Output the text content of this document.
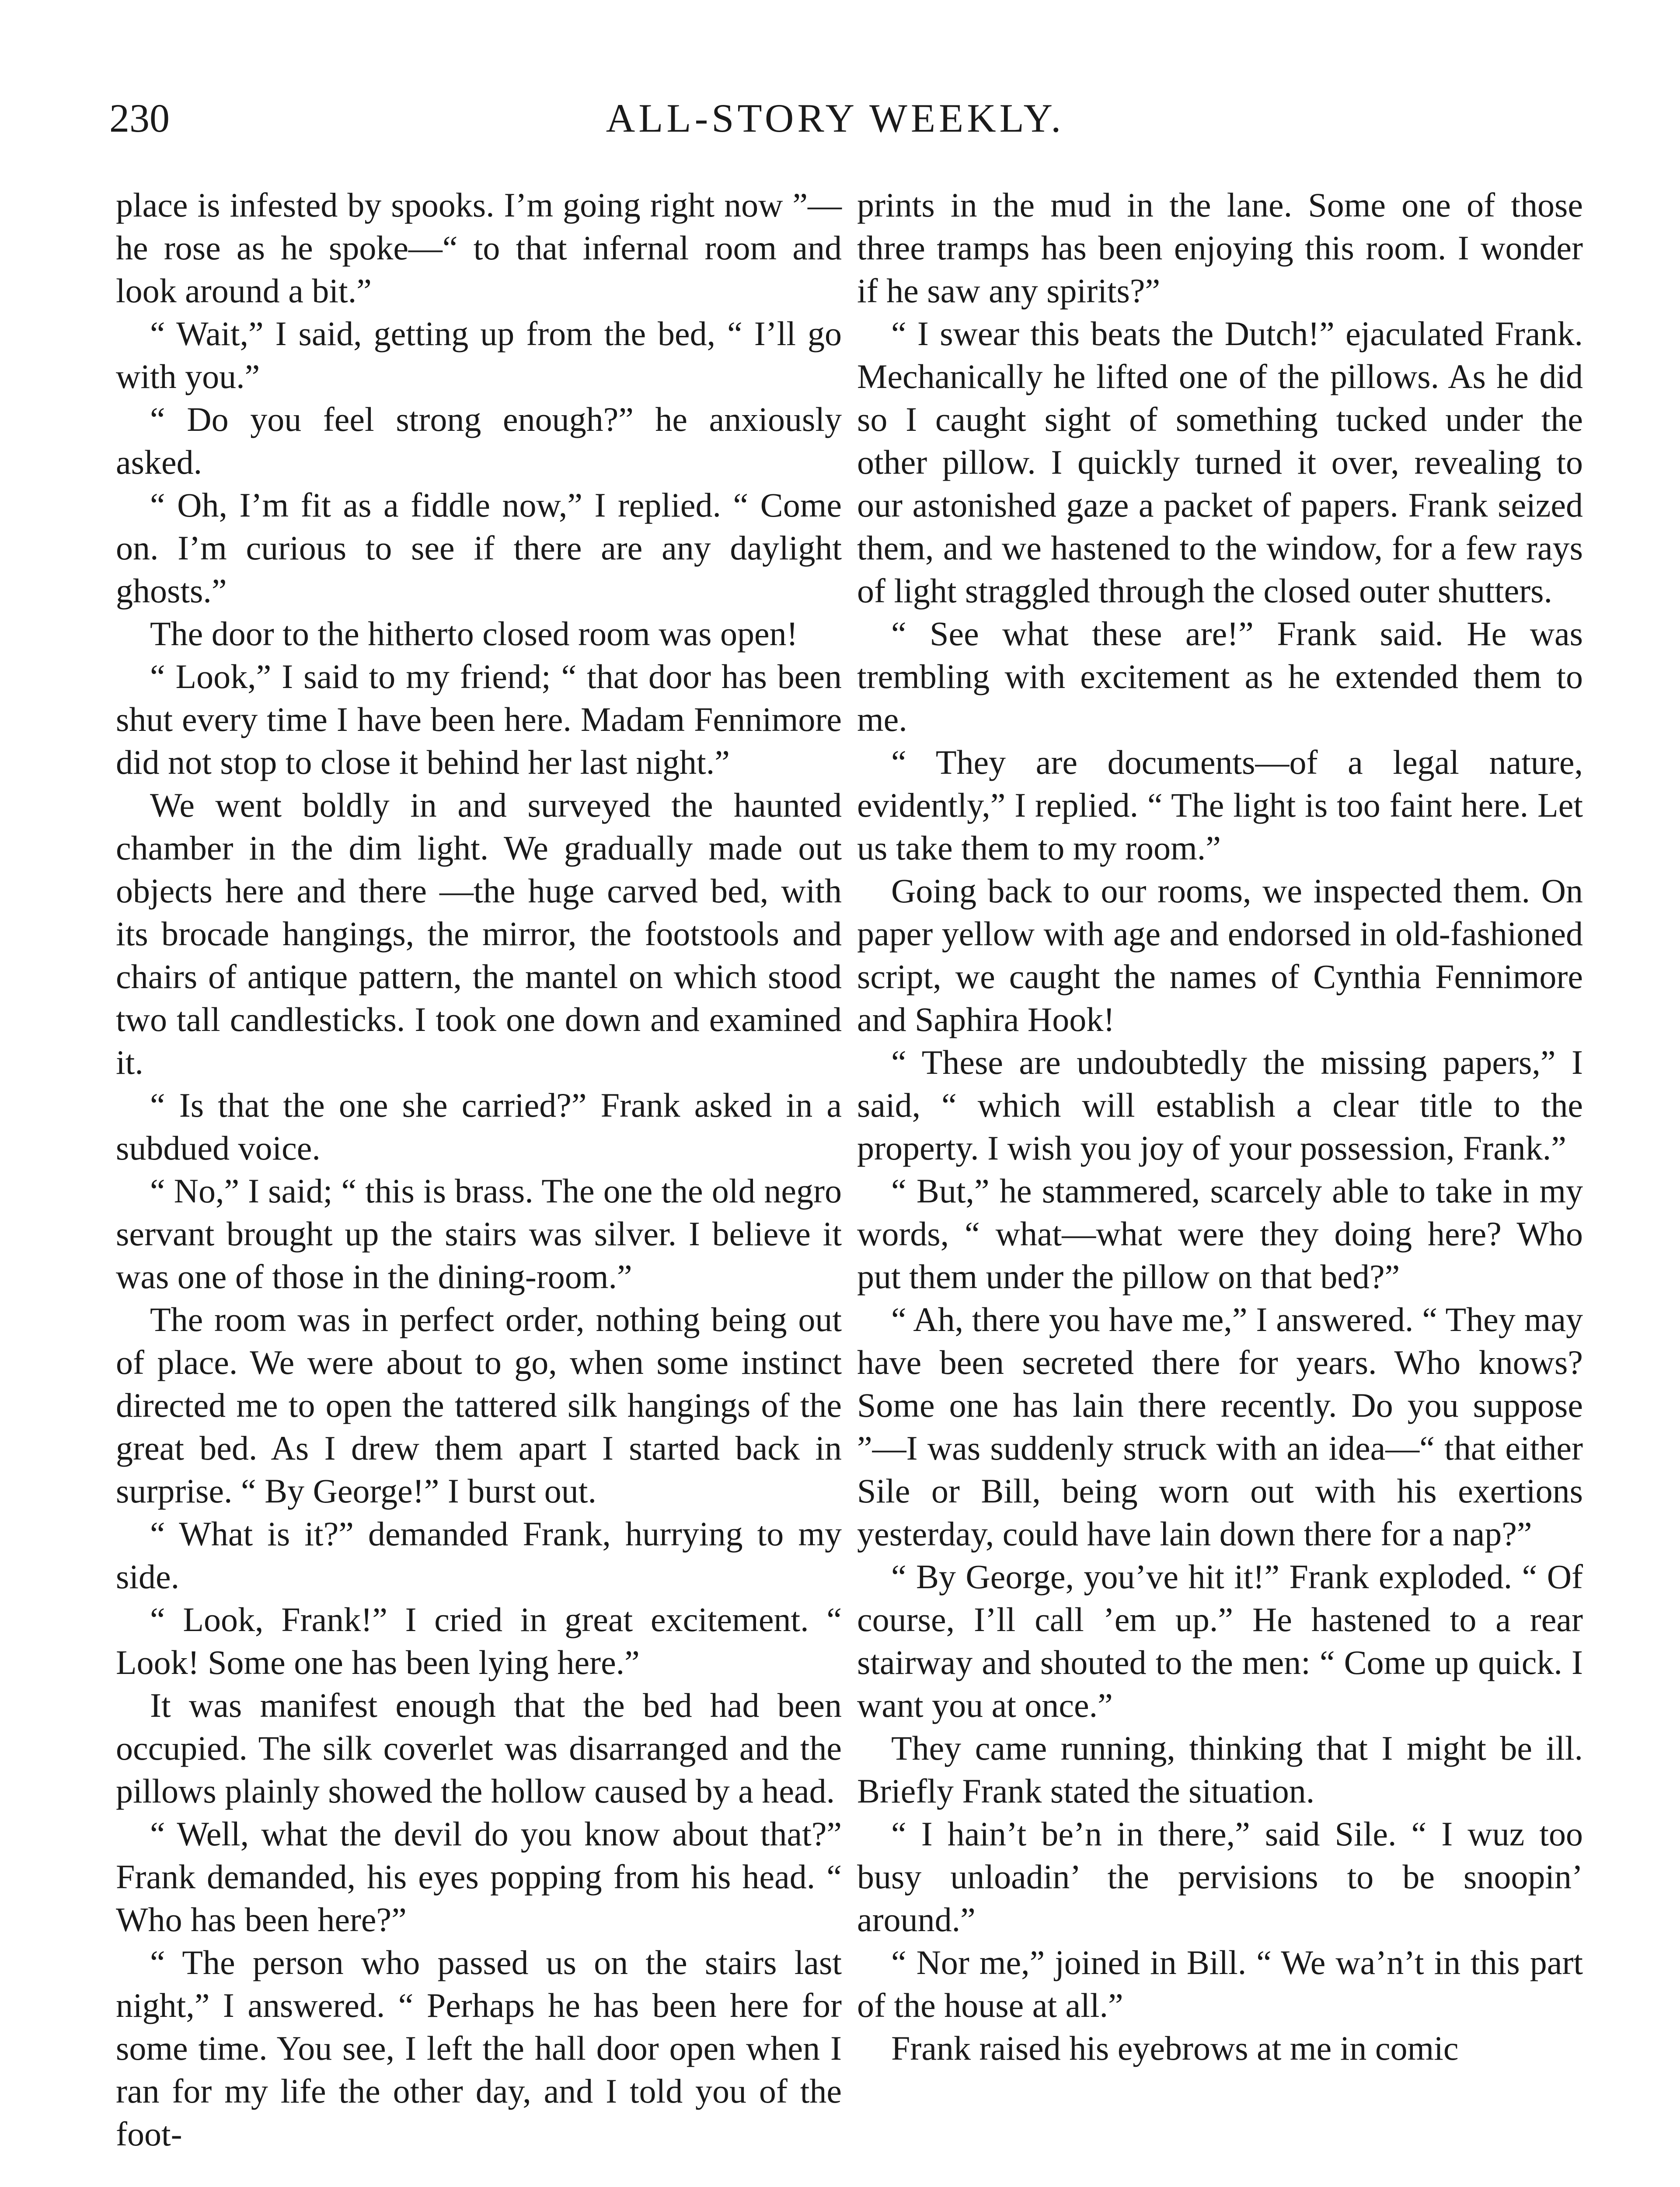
230	ALL-STORY WEEKLY.

place is infested by spooks. I’m going right now ”—he rose as he spoke—“ to that infernal room and look around a bit.”

“ Wait,” I said, getting up from the bed, “ I’ll go with you.”

“ Do you feel strong enough?” he anxiously asked.

“ Oh, I’m fit as a fiddle now,” I replied. “ Come on. I’m curious to see if there are any daylight ghosts.”

The door to the hitherto closed room was open!

“ Look,” I said to my friend; “ that door has been shut every time I have been here. Madam Fennimore did not stop to close it behind her last night.”

We went boldly in and surveyed the haunted chamber in the dim light. We gradually made out objects here and there —the huge carved bed, with its brocade hangings, the mirror, the footstools and chairs of antique pattern, the mantel on which stood two tall candlesticks. I took one down and examined it.

“ Is that the one she carried?” Frank asked in a subdued voice.

“ No,” I said; “ this is brass. The one the old negro servant brought up the stairs was silver. I believe it was one of those in the dining-room.”

The room was in perfect order, nothing being out of place. We were about to go, when some instinct directed me to open the tattered silk hangings of the great bed. As I drew them apart I started back in surprise. “ By George!” I burst out.

“ What is it?” demanded Frank, hurrying to my side.

“ Look, Frank!” I cried in great excitement. “ Look! Some one has been lying here.”

It was manifest enough that the bed had been occupied. The silk coverlet was disarranged and the pillows plainly showed the hollow caused by a head.

“ Well, what the devil do you know about that?” Frank demanded, his eyes popping from his head. “ Who has been here?”

“ The person who passed us on the stairs last night,” I answered. “ Perhaps he has been here for some time. You see, I left the hall door open when I ran for my life the other day, and I told you of the foot-

prints in the mud in the lane. Some one of those three tramps has been enjoying this room. I wonder if he saw any spirits?”

“ I swear this beats the Dutch!” ejaculated Frank. Mechanically he lifted one of the pillows. As he did so I caught sight of something tucked under the other pillow. I quickly turned it over, revealing to our astonished gaze a packet of papers. Frank seized them, and we hastened to the window, for a few rays of light straggled through the closed outer shutters.

“ See what these are!” Frank said. He was trembling with excitement as he extended them to me.

“ They are documents—of a legal nature, evidently,” I replied. “ The light is too faint here. Let us take them to my room.”

Going back to our rooms, we inspected them. On paper yellow with age and endorsed in old-fashioned script, we caught the names of Cynthia Fennimore and Saphira Hook!

“ These are undoubtedly the missing papers,” I said, “ which will establish a clear title to the property. I wish you joy of your possession, Frank.”

“ But,” he stammered, scarcely able to take in my words, “ what—what were they doing here? Who put them under the pillow on that bed?”

“ Ah, there you have me,” I answered. “ They may have been secreted there for years. Who knows? Some one has lain there recently. Do you suppose ”—I was suddenly struck with an idea—“ that either Sile or Bill, being worn out with his exertions yesterday, could have lain down there for a nap?”

“ By George, you’ve hit it!” Frank exploded. “ Of course, I’ll call ’em up.” He hastened to a rear stairway and shouted to the men: “ Come up quick. I want you at once.”

They came running, thinking that I might be ill. Briefly Frank stated the situation.

“ I hain’t be’n in there,” said Sile. “ I wuz too busy unloadin’ the pervisions to be snoopin’ around.”

“ Nor me,” joined in Bill. “ We wa’n’t in this part of the house at all.”

Frank raised his eyebrows at me in comic
